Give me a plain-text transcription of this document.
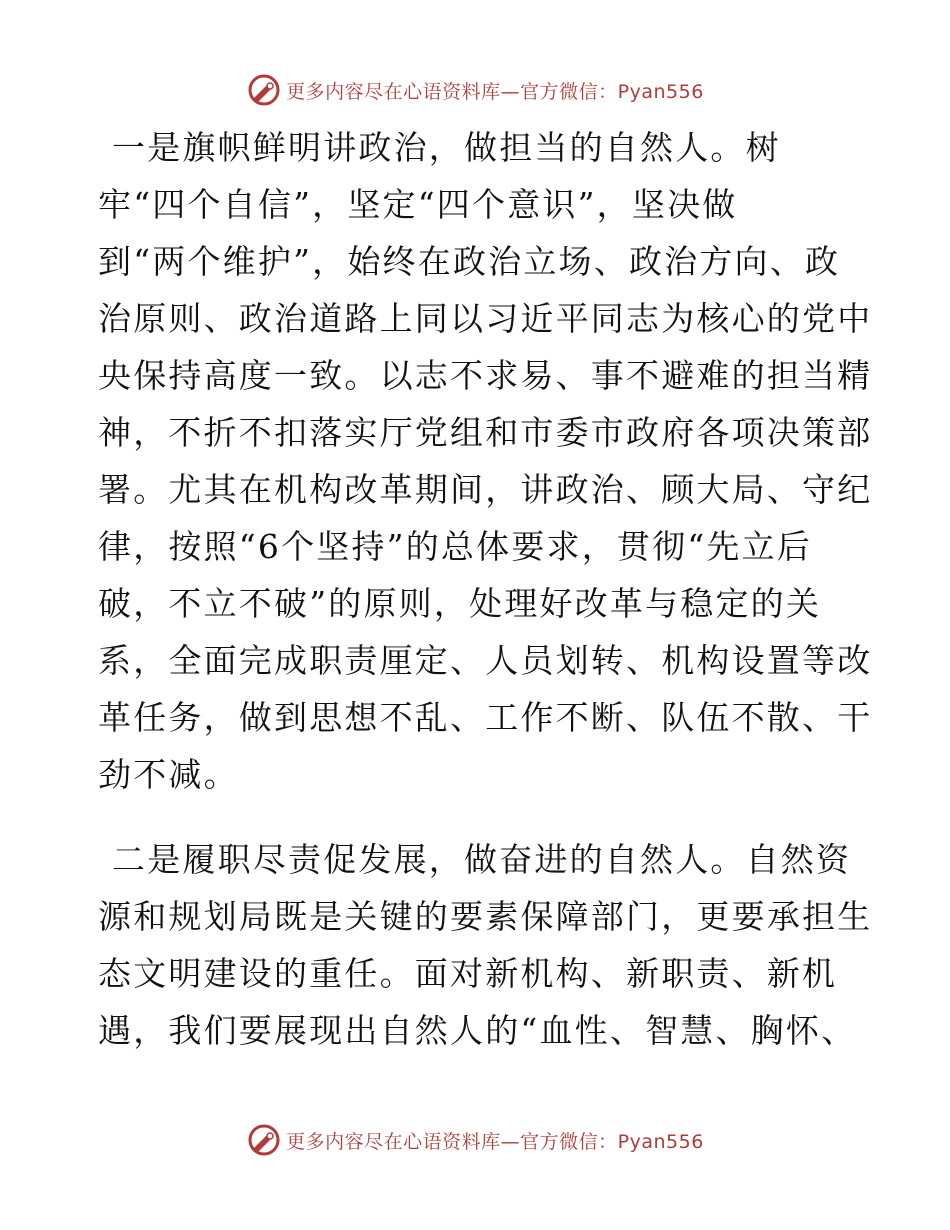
更多内容尽在心语资料库—官方微信：Pyan556
一是旗帜鲜明讲政治，做担当的自然人。树
牢“四个自信”，坚定“四个意识”，坚决做
到“两个维护”，始终在政治立场、政治方向、政
治原则、政治道路上同以习近平同志为核心的党中
央保持高度一致。以志不求易、事不避难的担当精
神，不折不扣落实厅党组和市委市政府各项决策部
署。尤其在机构改革期间，讲政治、顾大局、守纪
律，按照“6个坚持”的总体要求，贯彻“先立后
破，不立不破”的原则，处理好改革与稳定的关
系，全面完成职责厘定、人员划转、机构设置等改
革任务，做到思想不乱、工作不断、队伍不散、干
劲不减。
二是履职尽责促发展，做奋进的自然人。自然资
源和规划局既是关键的要素保障部门，更要承担生
态文明建设的重任。面对新机构、新职责、新机
遇，我们要展现出自然人的“血性、智慧、胸怀、
更多内容尽在心语资料库—官方微信：Pyan556
